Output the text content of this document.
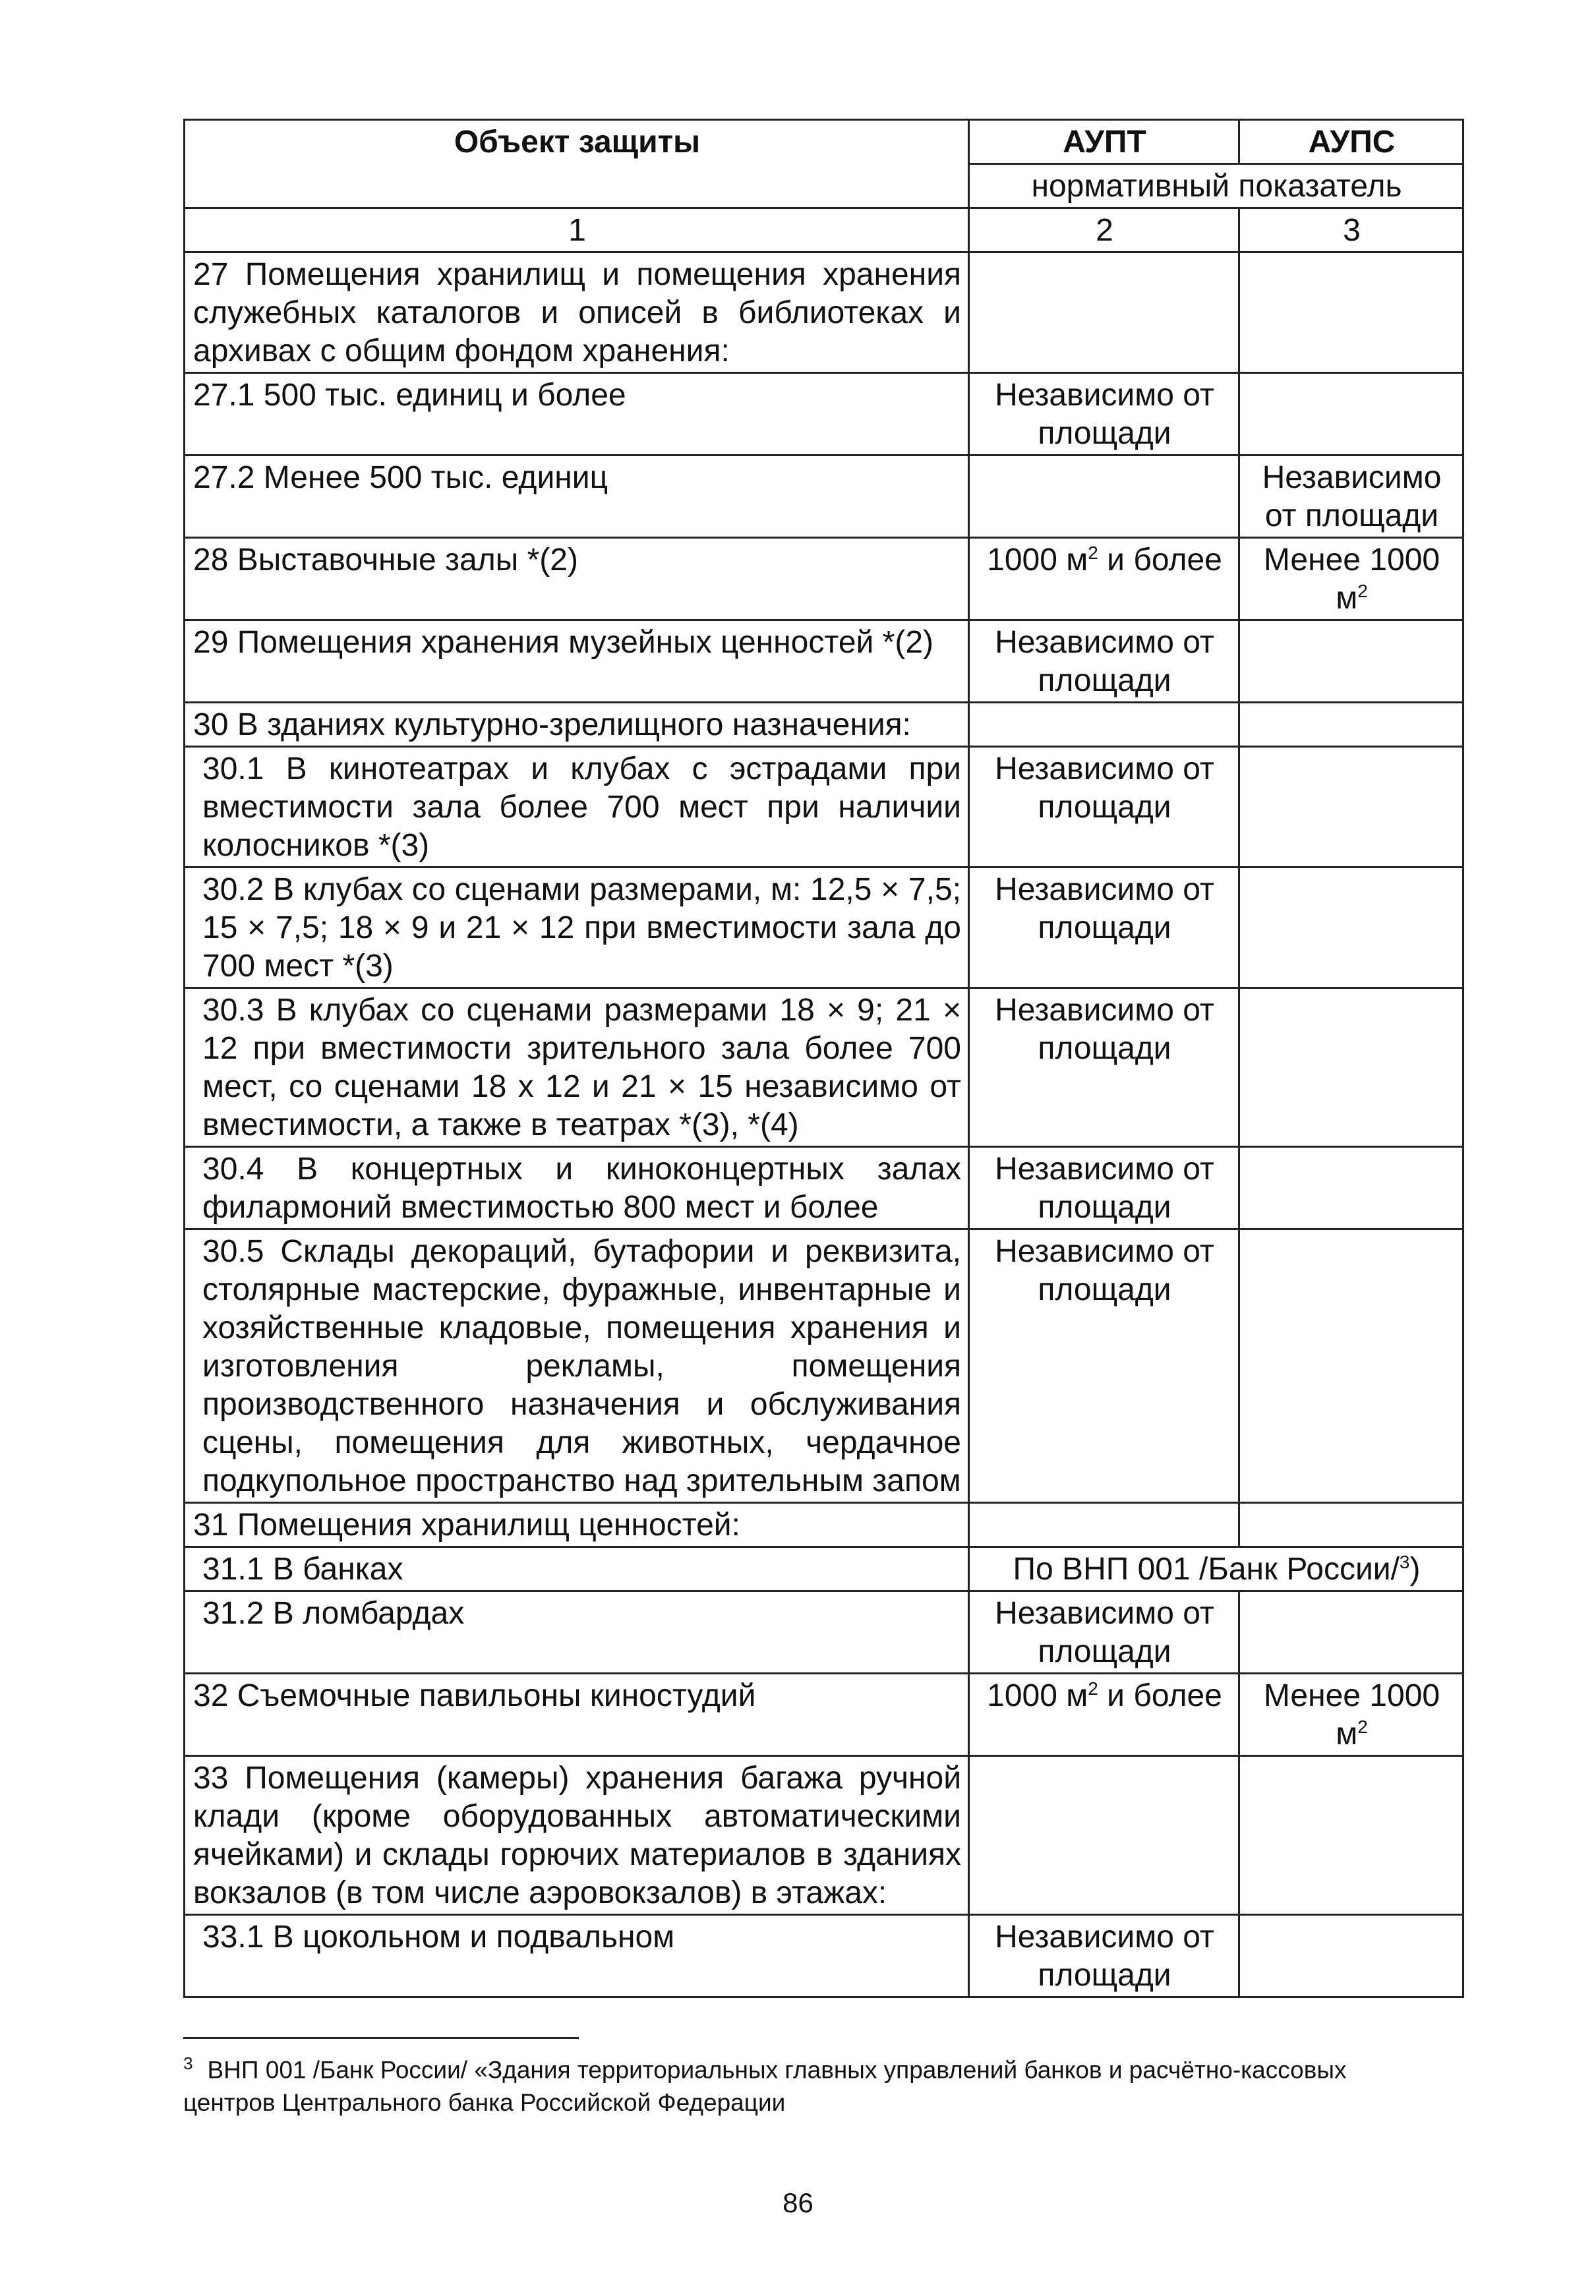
Объект защиты	АУПТ	АУПС
	нормативный показатель	
1	2	3
27 Помещения хранилищ и помещения хранения служебных каталогов и описей в библиотеках и архивах с общим фондом хранения:		
27.1 500 тыс. единиц и более	Независимо от площади	
27.2 Менее 500 тыс. единиц		Независимо от площади
28 Выставочные залы *(2)	1000 $м^2$ и более	Менее 1000 $м^2$
29 Помещения хранения музейных ценностей *(2)	Независимо от площади	
30 В зданиях культурно-зрелищного назначения:		
30.1 В кинотеатрах и клубах с эстрадами при вместимости зала более 700 мест при наличии колосников *(3)	Независимо от площади	
30.2 В клубах со сценами размерами, м: 12,5 × 7,5; 15 × 7,5; 18 × 9 и 21 × 12 при вместимости зала до 700 мест *(3)	Независимо от площади	
30.3 В клубах со сценами размерами 18 × 9; 21 × 12 при вместимости зрительного зала более 700 мест, со сценами 18 х 12 и 21 × 15 независимо от вместимости, а также в театрах *(3), *(4)	Независимо от площади	
30.4 В концертных и киноконцертных залах филармоний вместимостью 800 мест и более	Независимо от площади	
30.5 Склады декораций, бутафории и реквизита, столярные мастерские, фуражные, инвентарные и хозяйственные кладовые, помещения хранения и изготовления рекламы, помещения производственного назначения и обслуживания сцены, помещения для животных, чердачное подкупольное пространство над зрительным запом	Независимо от площади	
31 Помещения хранилищ ценностей:		
31.1 В банках	По ВНП 001 /Банк России/$^3$)	
31.2 В ломбардах	Независимо от площади	
32 Съемочные павильоны киностудий	1000 $м^2$ и более	Менее 1000 $м^2$
33 Помещения (камеры) хранения багажа ручной клади (кроме оборудованных автоматическими ячейками) и склады горючих материалов в зданиях вокзалов (в том числе аэровокзалов) в этажах:		
33.1 В цокольном и подвальном	Независимо от площади	
$^3$ ВНП 001 /Банк России/ «Здания территориальных главных управлений банков и расчётно-кассовых центров Центрального банка Российской Федерации
86
